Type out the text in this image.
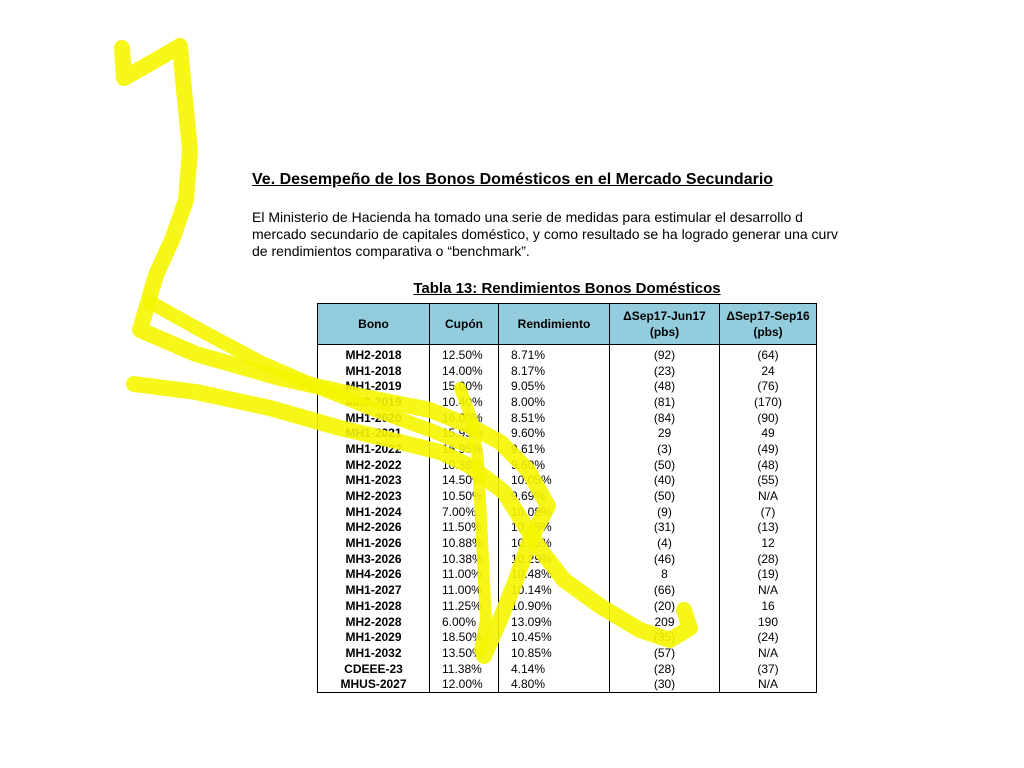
Ve. Desempeño de los Bonos Domésticos en el Mercado Secundario

El Ministerio de Hacienda ha tomado una serie de medidas para estimular el desarrollo d
mercado secundario de capitales doméstico, y como resultado se ha logrado generar una curv
de rendimientos comparativa o “benchmark”.

Tabla 13: Rendimientos Bonos Domésticos
Bono	Cupón	Rendimiento	ΔSep17-Jun17 (pbs)	ΔSep17-Sep16 (pbs)
MH2-2018	12.50%	8.71%	(92)	(64)
MH1-2018	14.00%	8.17%	(23)	24
MH1-2019	15.00%	9.05%	(48)	(76)
MH2-2019	10.40%	8.00%	(81)	(170)
MH1-2020	16.00%	8.51%	(84)	(90)
MH1-2021	15.95%	9.60%	29	49
MH1-2022	16.95%	9.61%	(3)	(49)
MH2-2022	10.38%	9.60%	(50)	(48)
MH1-2023	14.50%	10.05%	(40)	(55)
MH2-2023	10.50%	9.69%	(50)	N/A
MH1-2024	7.00%	10.08%	(9)	(7)
MH2-2026	11.50%	10.45%	(31)	(13)
MH1-2026	10.88%	10.15%	(4)	12
MH3-2026	10.38%	10.29%	(46)	(28)
MH4-2026	11.00%	10.48%	8	(19)
MH1-2027	11.00%	10.14%	(66)	N/A
MH1-2028	11.25%	10.90%	(20)	16
MH2-2028	6.00%	13.09%	209	190
MH1-2029	18.50%	10.45%	(35)	(24)
MH1-2032	13.50%	10.85%	(57)	N/A
CDEEE-23	11.38%	4.14%	(28)	(37)
MHUS-2027	12.00%	4.80%	(30)	N/A
